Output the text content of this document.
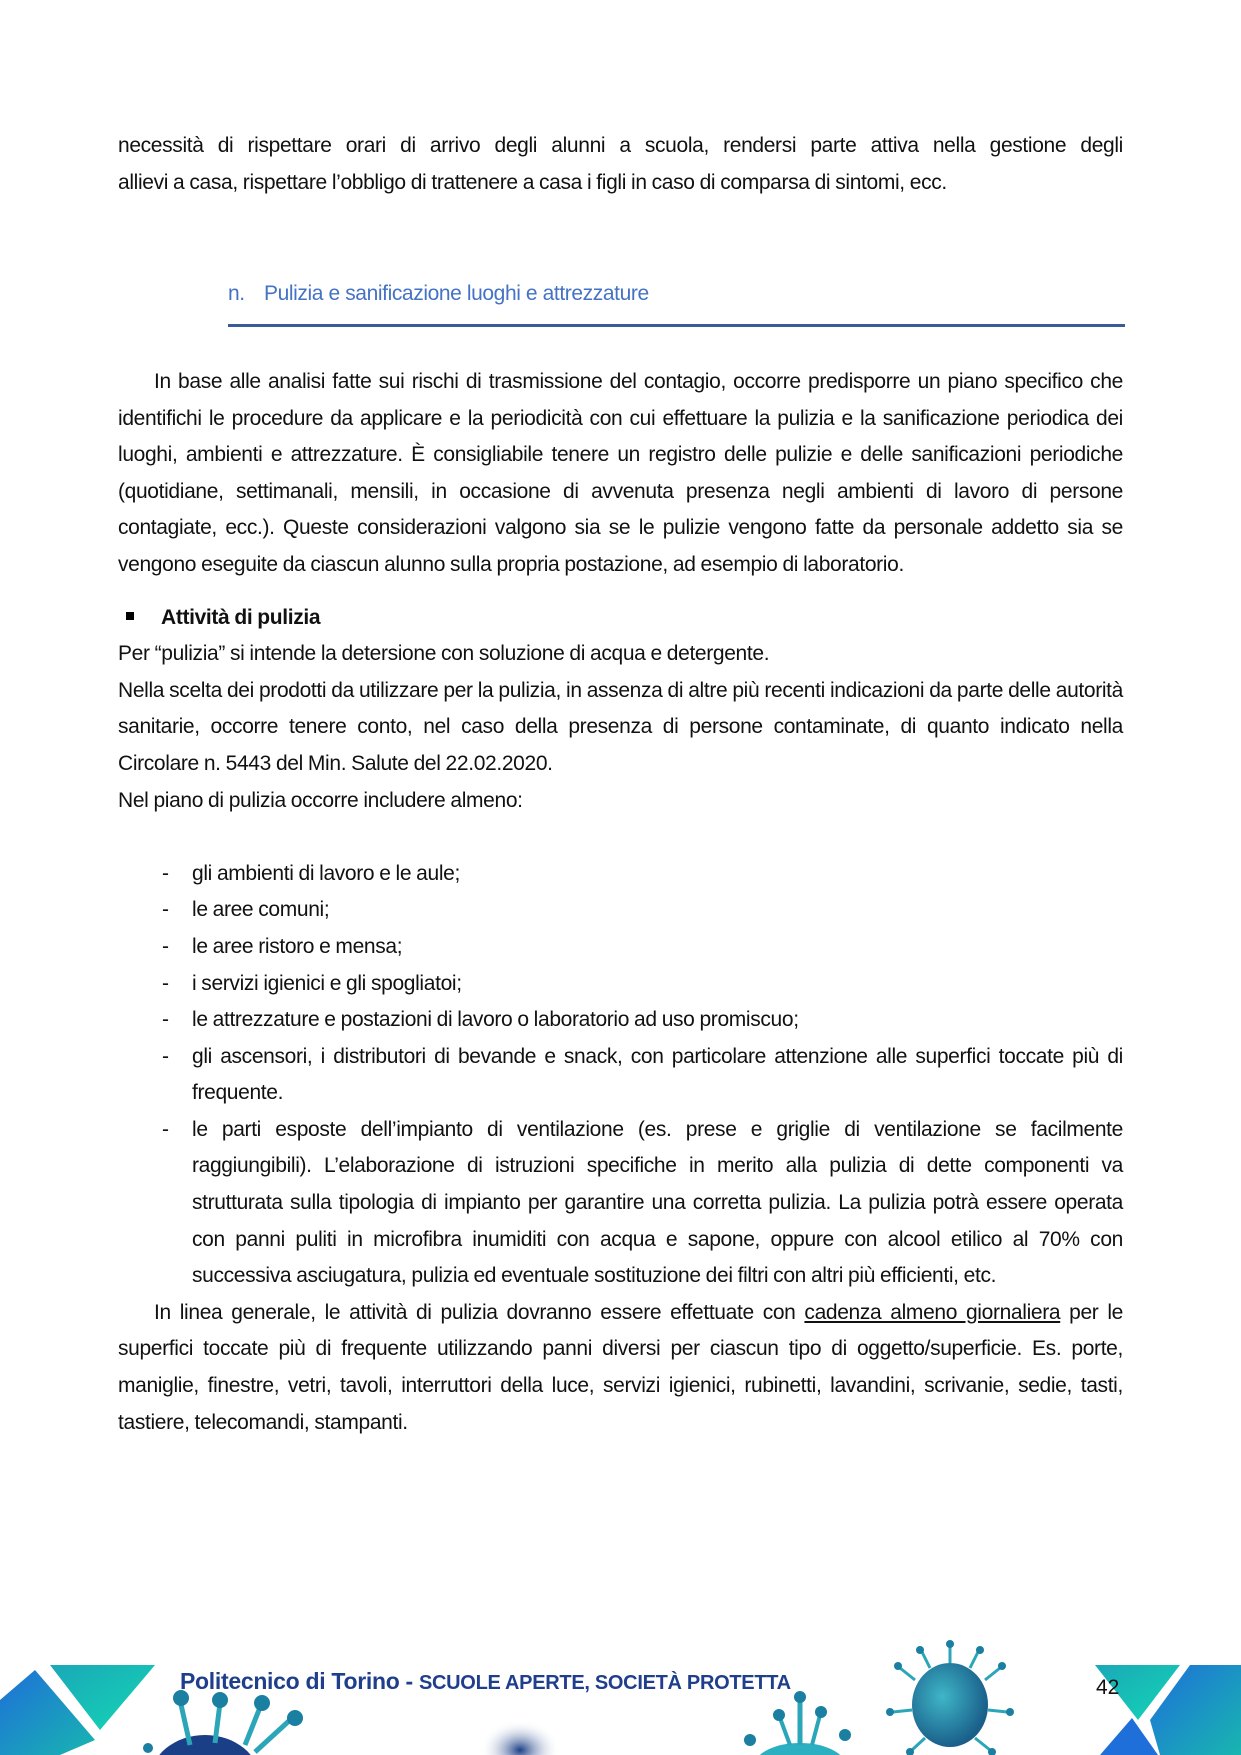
necessità di rispettare orari di arrivo degli alunni a scuola, rendersi parte attiva nella gestione degli

allievi a casa, rispettare l’obbligo di trattenere a casa i figli in caso di comparsa di sintomi, ecc.

n. Pulizia e sanificazione luoghi e attrezzature

In base alle analisi fatte sui rischi di trasmissione del contagio, occorre predisporre un piano specifico che identifichi le procedure da applicare e la periodicità con cui effettuare la pulizia e la sanificazione periodica dei luoghi, ambienti e attrezzature. È consigliabile tenere un registro delle pulizie e delle sanificazioni periodiche (quotidiane, settimanali, mensili, in occasione di avvenuta presenza negli ambienti di lavoro di persone contagiate, ecc.). Queste considerazioni valgono sia se le pulizie vengono fatte da personale addetto sia se vengono eseguite da ciascun alunno sulla propria postazione, ad esempio di laboratorio.

Attività di pulizia

Per “pulizia” si intende la detersione con soluzione di acqua e detergente.

Nella scelta dei prodotti da utilizzare per la pulizia, in assenza di altre più recenti indicazioni da parte delle autorità sanitarie, occorre tenere conto, nel caso della presenza di persone contaminate, di quanto indicato nella Circolare n. 5443 del Min. Salute del 22.02.2020.

Nel piano di pulizia occorre includere almeno:

- gli ambienti di lavoro e le aule;
- le aree comuni;
- le aree ristoro e mensa;
- i servizi igienici e gli spogliatoi;
- le attrezzature e postazioni di lavoro o laboratorio ad uso promiscuo;
- gli ascensori, i distributori di bevande e snack, con particolare attenzione alle superfici toccate più di frequente.
- le parti esposte dell’impianto di ventilazione (es. prese e griglie di ventilazione se facilmente raggiungibili). L’elaborazione di istruzioni specifiche in merito alla pulizia di dette componenti va strutturata sulla tipologia di impianto per garantire una corretta pulizia. La pulizia potrà essere operata con panni puliti in microfibra inumiditi con acqua e sapone, oppure con alcool etilico al 70% con successiva asciugatura, pulizia ed eventuale sostituzione dei filtri con altri più efficienti, etc.

In linea generale, le attività di pulizia dovranno essere effettuate con cadenza almeno giornaliera per le superfici toccate più di frequente utilizzando panni diversi per ciascun tipo di oggetto/superficie. Es. porte, maniglie, finestre, vetri, tavoli, interruttori della luce, servizi igienici, rubinetti, lavandini, scrivanie, sedie, tasti, tastiere, telecomandi, stampanti.

Politecnico di Torino - SCUOLE APERTE, SOCIETÀ PROTETTA	42
